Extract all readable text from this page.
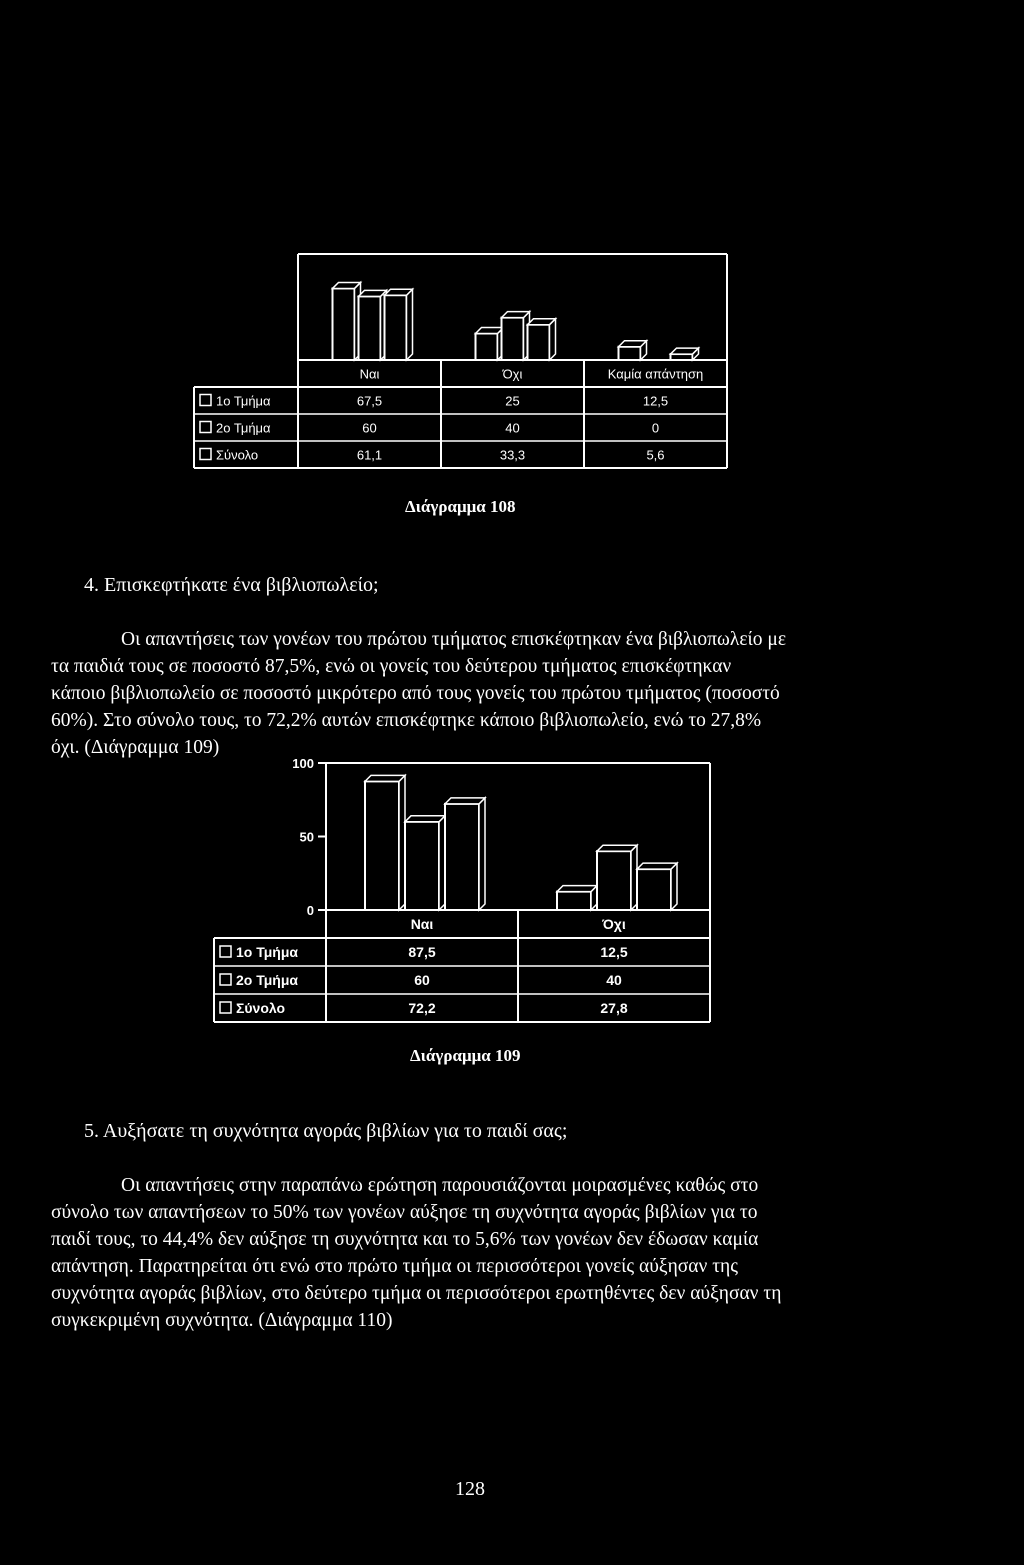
Ναι	Όχι	Καμία απάντηση
1ο Τμήμα	67,5	25	12,5
2ο Τμήμα	60	40	0
Σύνολο	61,1	33,3	5,6
Διάγραμμα 108
4. Επισκεφτήκατε ένα βιβλιοπωλείο;
Οι απαντήσεις των γονέων του πρώτου τμήματος επισκέφτηκαν ένα βιβλιοπωλείο με
τα παιδιά τους σε ποσοστό 87,5%, ενώ οι γονείς του δεύτερου τμήματος επισκέφτηκαν
κάποιο βιβλιοπωλείο σε ποσοστό μικρότερο από τους γονείς του πρώτου τμήματος (ποσοστό
60%). Στο σύνολο τους, το 72,2% αυτών επισκέφτηκε κάποιο βιβλιοπωλείο, ενώ το 27,8%
όχι. (Διάγραμμα 109)
100
50
0
Ναι	Όχι
1ο Τμήμα	87,5	12,5
2ο Τμήμα	60	40
Σύνολο	72,2	27,8
Διάγραμμα 109
5. Αυξήσατε τη συχνότητα αγοράς βιβλίων για το παιδί σας;
Οι απαντήσεις στην παραπάνω ερώτηση παρουσιάζονται μοιρασμένες καθώς στο
σύνολο των απαντήσεων το 50% των γονέων αύξησε τη συχνότητα αγοράς βιβλίων για το
παιδί τους, το 44,4% δεν αύξησε τη συχνότητα και το 5,6% των γονέων δεν έδωσαν καμία
απάντηση. Παρατηρείται ότι ενώ στο πρώτο τμήμα οι περισσότεροι γονείς αύξησαν της
συχνότητα αγοράς βιβλίων, στο δεύτερο τμήμα οι περισσότεροι ερωτηθέντες δεν αύξησαν τη
συγκεκριμένη συχνότητα. (Διάγραμμα 110)
128
